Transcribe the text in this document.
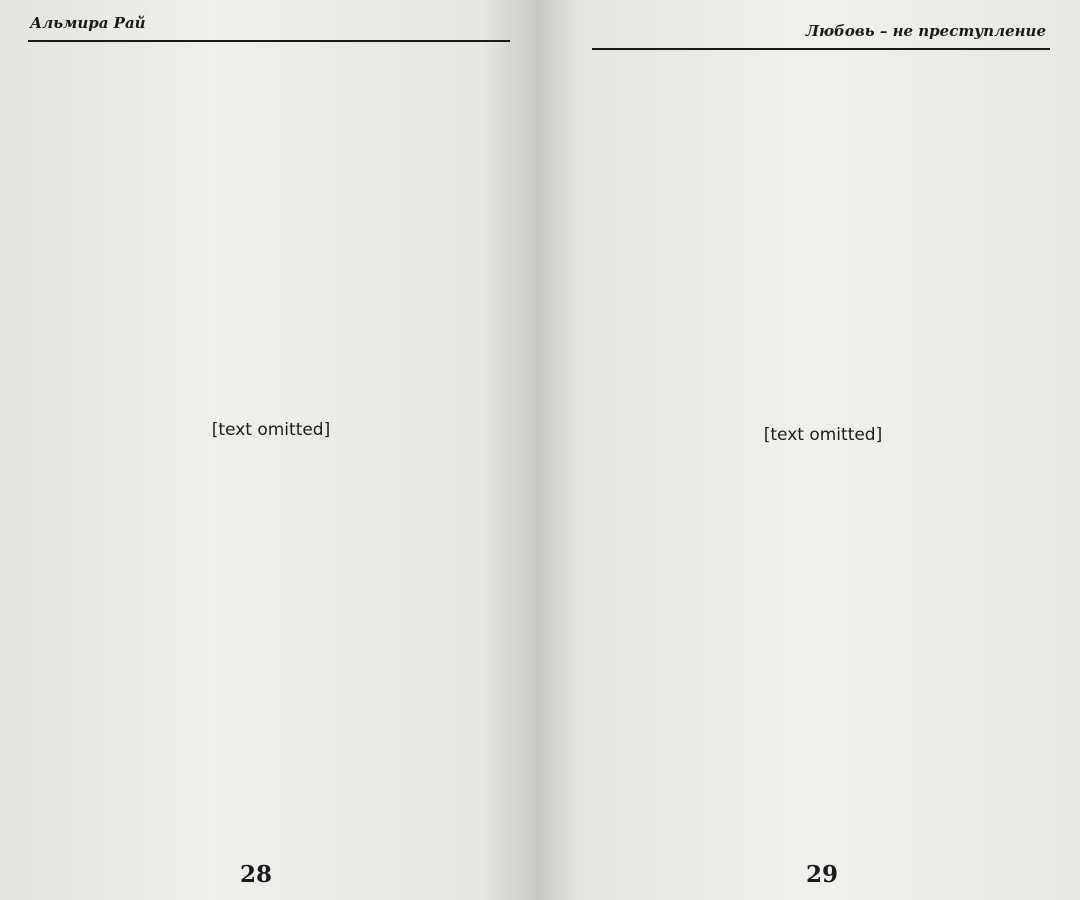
Альмира Рай
[text omitted]
28
Любовь – не преступление
[text omitted]
29
